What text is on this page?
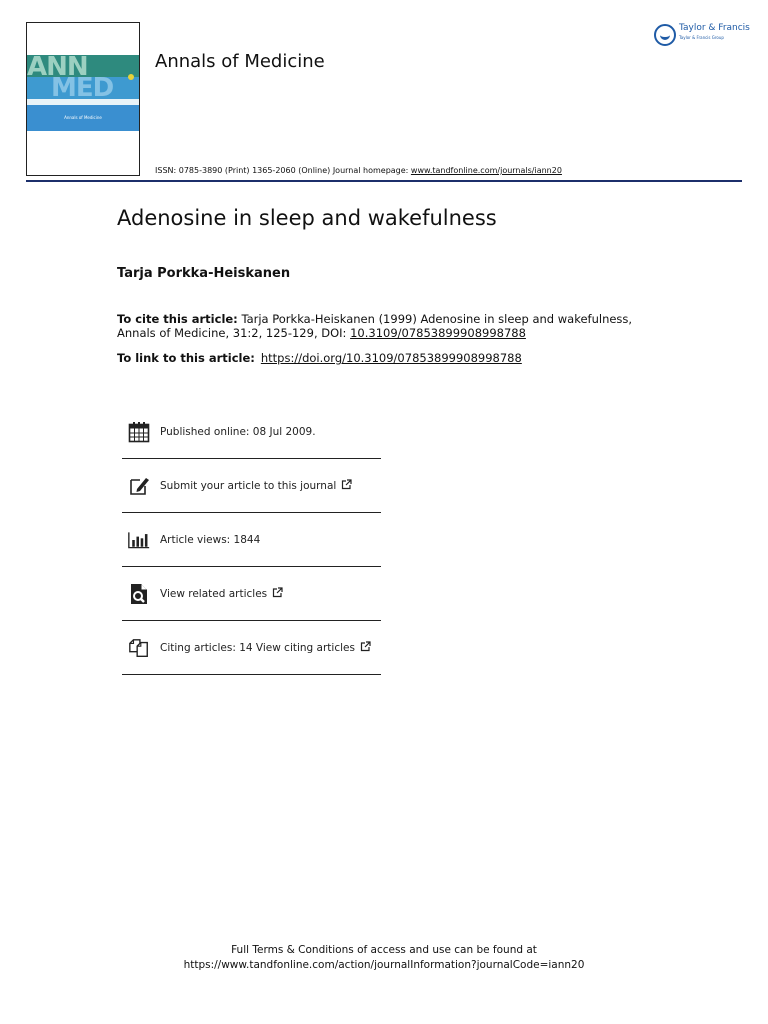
ANN
MED
Annals of Medicine
Annals of Medicine
ISSN: 0785-3890 (Print) 1365-2060 (Online) Journal homepage: www.tandfonline.com/journals/iann20
Taylor & Francis
Taylor & Francis Group
Adenosine in sleep and wakefulness
Tarja Porkka-Heiskanen
To cite this article: Tarja Porkka-Heiskanen (1999) Adenosine in sleep and wakefulness, Annals of Medicine, 31:2, 125-129, DOI: 10.3109/07853899908998788
To link to this article: https://doi.org/10.3109/07853899908998788
Published online: 08 Jul 2009.
Submit your article to this journal
Article views: 1844
View related articles
Citing articles: 14 View citing articles
Full Terms & Conditions of access and use can be found at
https://www.tandfonline.com/action/journalInformation?journalCode=iann20
